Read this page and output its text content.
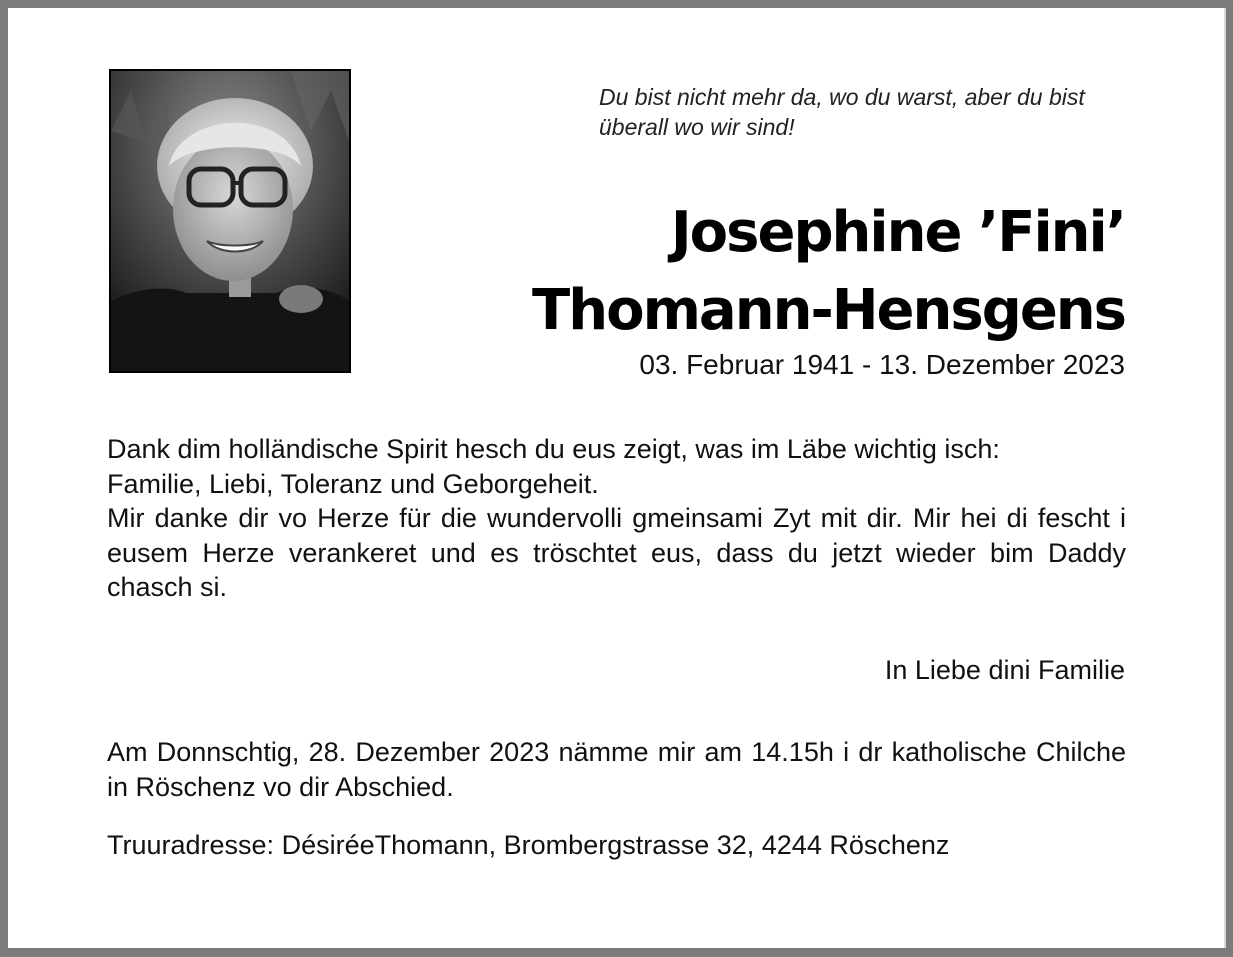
Du bist nicht mehr da, wo du warst, aber du bist
überall wo wir sind!

Josephine ’Fini’
Thomann-Hensgens

03. Februar 1941 - 13. Dezember 2023

Dank dim holländische Spirit hesch du eus zeigt, was im Läbe wichtig isch:
Familie, Liebi, Toleranz und Geborgeheit.
Mir danke dir vo Herze für die wundervolli gmeinsami Zyt mit dir. Mir hei di fescht i eusem Herze verankeret und es tröschtet eus, dass du jetzt wieder bim Daddy chasch si.

In Liebe dini Familie

Am Donnschtig, 28. Dezember 2023 nämme mir am 14.15h i dr katholische Chilche in Röschenz vo dir Abschied.

Truuradresse: DésiréeThomann, Brombergstrasse 32, 4244 Röschenz
